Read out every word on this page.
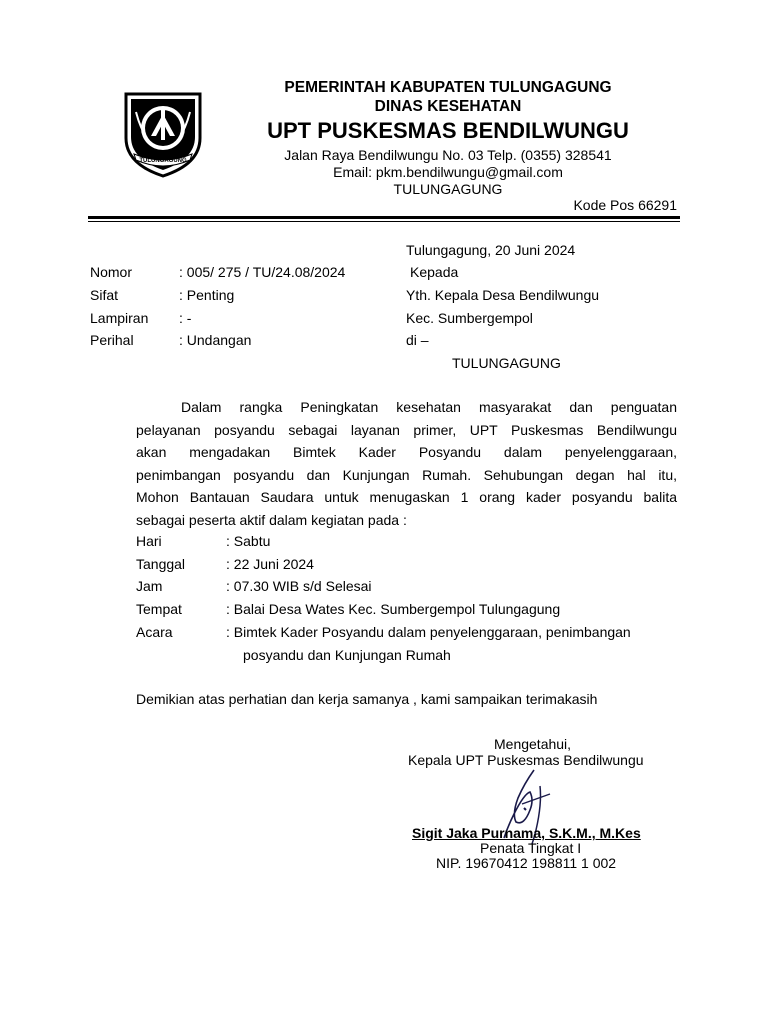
TULUNGAGUNG
PEMERINTAH KABUPATEN TULUNGAGUNG
DINAS KESEHATAN
UPT PUSKESMAS BENDILWUNGU
Jalan Raya Bendilwungu No. 03 Telp. (0355) 328541
Email: pkm.bendilwungu@gmail.com
TULUNGAGUNG
Kode Pos 66291
Tulungagung, 20 Juni 2024
Nomor	: 005/ 275 / TU/24.08/2024
Sifat	: Penting
Lampiran : -
Perihal	: Undangan
Kepada
Yth. Kepala Desa Bendilwungu
Kec. Sumbergempol
di –
TULUNGAGUNG
Dalam rangka Peningkatan kesehatan masyarakat dan penguatan
pelayanan posyandu sebagai layanan primer, UPT Puskesmas Bendilwungu
akan mengadakan Bimtek Kader Posyandu dalam penyelenggaraan,
penimbangan posyandu dan Kunjungan Rumah. Sehubungan degan hal itu,
Mohon Bantauan Saudara untuk menugaskan 1 orang kader posyandu balita
sebagai peserta aktif dalam kegiatan pada :
Hari	: Sabtu
Tanggal	: 22 Juni 2024
Jam	: 07.30 WIB s/d Selesai
Tempat	: Balai Desa Wates Kec. Sumbergempol Tulungagung
Acara	: Bimtek Kader Posyandu dalam penyelenggaraan, penimbangan
posyandu dan Kunjungan Rumah
Demikian atas perhatian dan kerja samanya , kami sampaikan terimakasih
Mengetahui,
Kepala UPT Puskesmas Bendilwungu
Sigit Jaka Purnama, S.K.M., M.Kes
Penata Tingkat I
NIP. 19670412 198811 1 002
